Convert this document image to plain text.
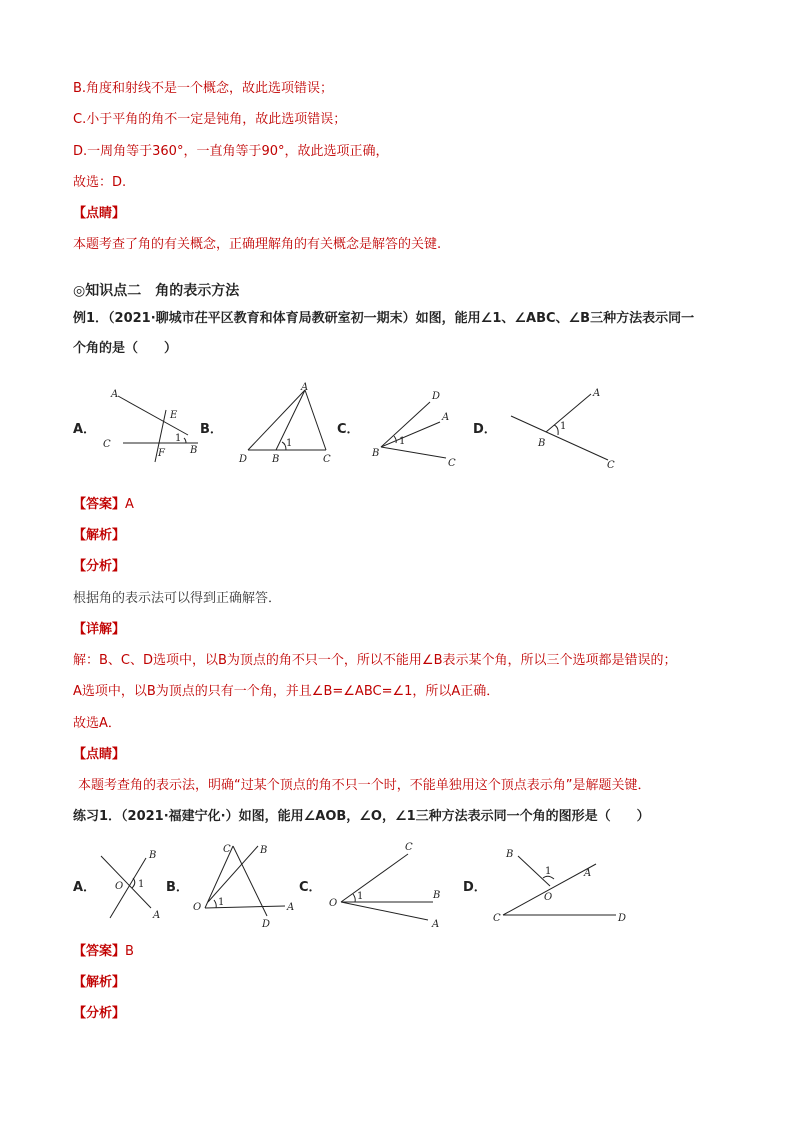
B.角度和射线不是一个概念，故此选项错误；
C.小于平角的角不一定是钝角，故此选项错误；
D.一周角等于360°，一直角等于90°，故此选项正确，
故选：D.
【点睛】
本题考查了角的有关概念，正确理解角的有关概念是解答的关键.
◎知识点二　角的表示方法
例1．（2021·聊城市茌平区教育和体育局教研室初一期末）如图，能用∠1、∠ABC、∠B三种方法表示同一
个角的是（　　）
A．
A
E
C
F
1
B
B．
A
1
D B	C
C．
D
A
1
B
C
D．
A
1
B
C
【答案】A
【解析】
【分析】
根据角的表示法可以得到正确解答．
【详解】
解：B、C、D选项中，以B为顶点的角不只一个，所以不能用∠B表示某个角，所以三个选项都是错误的；
A选项中，以B为顶点的只有一个角，并且∠B=∠ABC=∠1，所以A正确．
故选A．
【点睛】
本题考查角的表示法，明确“过某个顶点的角不只一个时，不能单独用这个顶点表示角”是解题关键．
练习1．（2021·福建宁化·）如图，能用∠AOB，∠O，∠1三种方法表示同一个角的图形是（　　）
A．
B
O 1
A
B．
C	B
O 1	A
D
C．
C
O
1	B
A
D．
B
1	A
O
C	D
【答案】B
【解析】
【分析】
